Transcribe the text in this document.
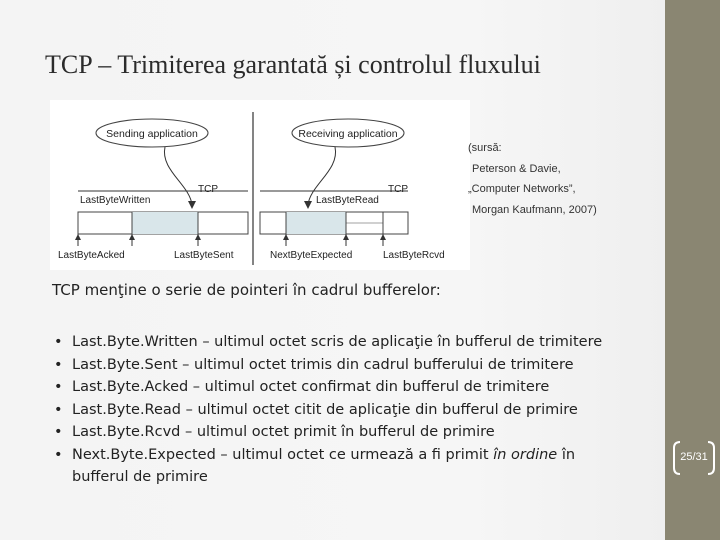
TCP – Trimiterea garantată și controlul fluxului
Sending application	Receiving application
TCP	TCP
LastByteWritten	LastByteRead
LastByteAcked	LastByteSent	NextByteExpected	LastByteRcvd
(sursă:
Peterson & Davie,
„Computer Networks”,
Morgan Kaufmann, 2007)
TCP menţine o serie de pointeri în cadrul bufferelor:
• Last.Byte.Written – ultimul octet scris de aplicaţie în bufferul de trimitere
• Last.Byte.Sent – ultimul octet trimis din cadrul bufferului de trimitere
• Last.Byte.Acked – ultimul octet confirmat din bufferul de trimitere
• Last.Byte.Read – ultimul octet citit de aplicaţie din bufferul de primire
• Last.Byte.Rcvd – ultimul octet primit în bufferul de primire
• Next.Byte.Expected – ultimul octet ce urmează a fi primit în ordine în
bufferul de primire
25/31
